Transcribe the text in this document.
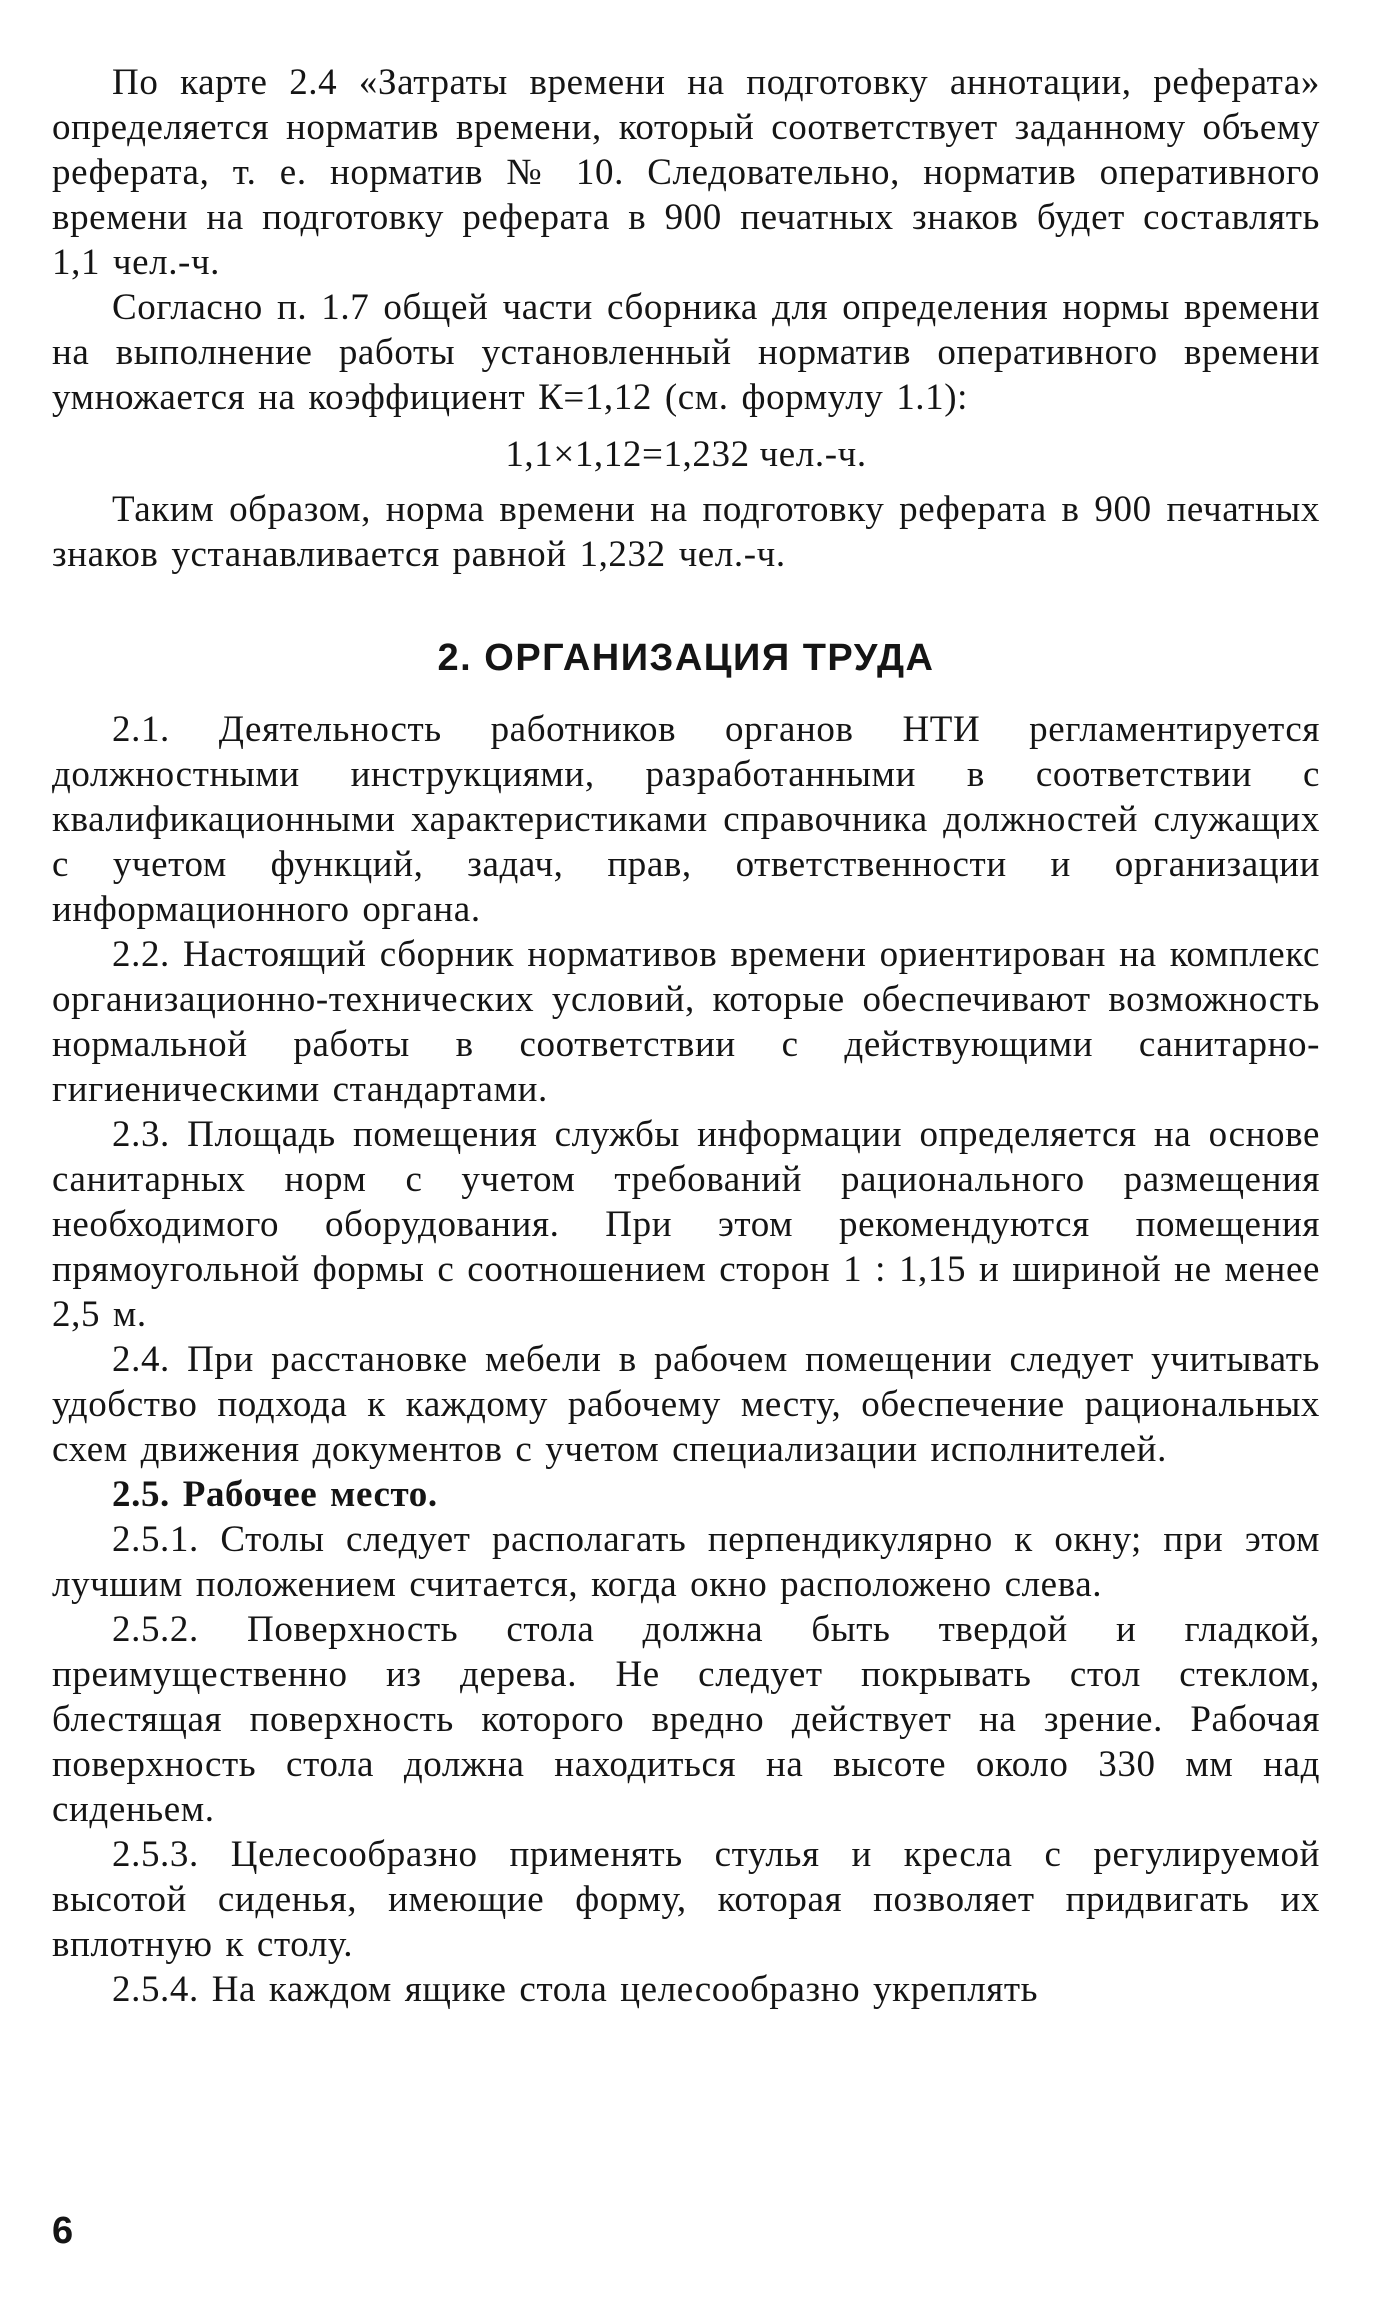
По карте 2.4 «Затраты времени на подготовку аннотации, реферата» определяется норматив времени, который соответствует заданному объему реферата, т. е. норматив № 10. Следовательно, норматив оперативного времени на подготовку реферата в 900 печатных знаков будет составлять 1,1 чел.-ч.

Согласно п. 1.7 общей части сборника для определения нормы времени на выполнение работы установленный норматив оперативного времени умножается на коэффициент К=1,12 (см. формулу 1.1):

1,1×1,12=1,232 чел.-ч.

Таким образом, норма времени на подготовку реферата в 900 печатных знаков устанавливается равной 1,232 чел.-ч.

2. ОРГАНИЗАЦИЯ ТРУДА

2.1. Деятельность работников органов НТИ регламентируется должностными инструкциями, разработанными в соответствии с квалификационными характеристиками справочника должностей служащих с учетом функций, задач, прав, ответственности и организации информационного органа.

2.2. Настоящий сборник нормативов времени ориентирован на комплекс организационно-технических условий, которые обеспечивают возможность нормальной работы в соответствии с действующими санитарно-гигиеническими стандартами.

2.3. Площадь помещения службы информации определяется на основе санитарных норм с учетом требований рационального размещения необходимого оборудования. При этом рекомендуются помещения прямоугольной формы с соотношением сторон 1 : 1,15 и шириной не менее 2,5 м.

2.4. При расстановке мебели в рабочем помещении следует учитывать удобство подхода к каждому рабочему месту, обеспечение рациональных схем движения документов с учетом специализации исполнителей.

2.5. Рабочее место.

2.5.1. Столы следует располагать перпендикулярно к окну; при этом лучшим положением считается, когда окно расположено слева.

2.5.2. Поверхность стола должна быть твердой и гладкой, преимущественно из дерева. Не следует покрывать стол стеклом, блестящая поверхность которого вредно действует на зрение. Рабочая поверхность стола должна находиться на высоте около 330 мм над сиденьем.

2.5.3. Целесообразно применять стулья и кресла с регулируемой высотой сиденья, имеющие форму, которая позволяет придвигать их вплотную к столу.

2.5.4. На каждом ящике стола целесообразно укреплять

6
